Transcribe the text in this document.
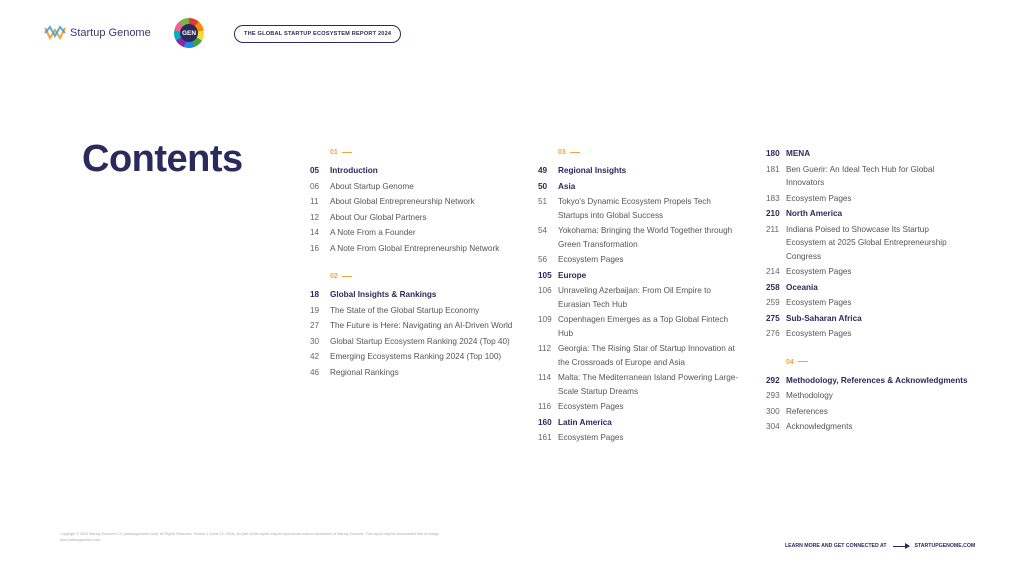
Startup Genome	GEN	THE GLOBAL STARTUP ECOSYSTEM REPORT 2024
Contents	01
05	Introduction
06	About Startup Genome
11	About Global Entrepreneurship Network
12	About Our Global Partners
14	A Note From a Founder
16	A Note From Global Entrepreneurship Network
02
18	Global Insights & Rankings
19	The State of the Global Startup Economy
27	The Future is Here: Navigating an AI-Driven World
30	Global Startup Ecosystem Ranking 2024 (Top 40)
42	Emerging Ecosystems Ranking 2024 (Top 100)
46	Regional Rankings
03
49	Regional Insights
50	Asia
51	Tokyo's Dynamic Ecosystem Propels Tech Startups into Global Success
54	Yokohama: Bringing the World Together through Green Transformation
56	Ecosystem Pages
105 Europe
106 Unraveling Azerbaijan: From Oil Empire to Eurasian Tech Hub
109 Copenhagen Emerges as a Top Global Fintech Hub
112 Georgia: The Rising Star of Startup Innovation at the Crossroads of Europe and Asia
114 Malta: The Mediterranean Island Powering Large-Scale Startup Dreams
116 Ecosystem Pages
160 Latin America
161 Ecosystem Pages
180 MENA
181 Ben Guerir: An Ideal Tech Hub for Global Innovators
183 Ecosystem Pages
210 North America
211 Indiana Poised to Showcase Its Startup Ecosystem at 2025 Global Entrepreneurship Congress
214 Ecosystem Pages
258 Oceania
259 Ecosystem Pages
275 Sub-Saharan Africa
276 Ecosystem Pages
04
292 Methodology, References & Acknowledgments
293 Methodology
300 References
304 Acknowledgments
Copyright © 2024 Startup Genome LLC (startupgenome.com). All Rights Reserved. Version 1 (June 13, 2024). No part of this report may be reproduced without permission of Startup Genome. This report may be downloaded free of charge from startupgenome.com.
LEARN MORE AND GET CONNECTED AT	STARTUPGENOME.COM
